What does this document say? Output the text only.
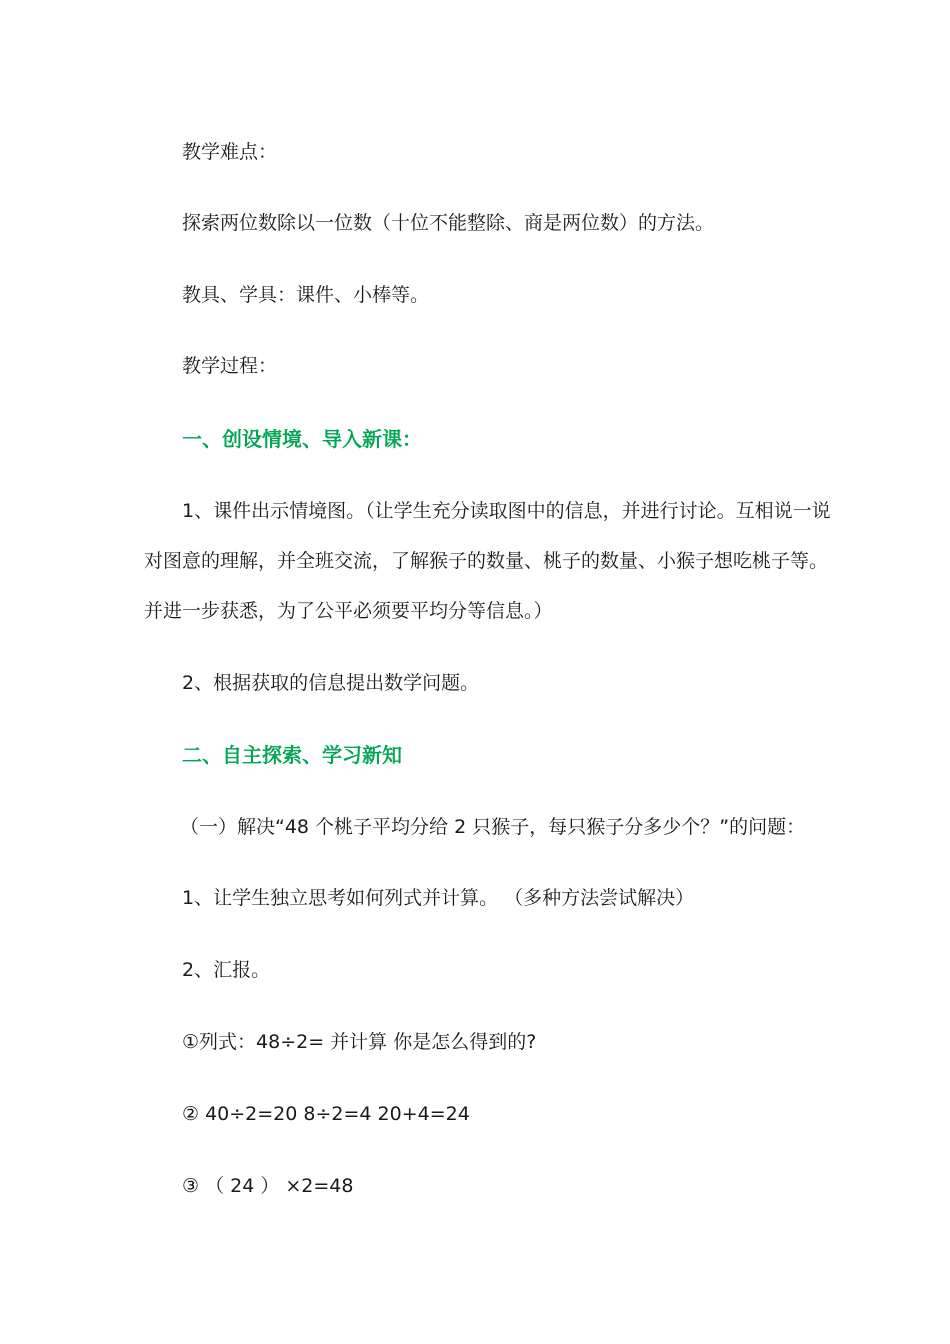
教学难点：
探索两位数除以一位数（十位不能整除、商是两位数）的方法。
教具、学具：课件、小棒等。
教学过程：
一、创设情境、导入新课：
1、课件出示情境图。（让学生充分读取图中的信息，并进行讨论。互相说一说
对图意的理解，并全班交流，了解猴子的数量、桃子的数量、小猴子想吃桃子等。
并进一步获悉，为了公平必须要平均分等信息。）
2、根据获取的信息提出数学问题。
二、自主探索、学习新知
（一）解决“48 个桃子平均分给 2 只猴子，每只猴子分多少个？”的问题：
1、让学生独立思考如何列式并计算。 （多种方法尝试解决）
2、汇报。
①列式：48÷2= 并计算 你是怎么得到的?
② 40÷2=20 8÷2=4 20+4=24
③ （ 24 ） ×2=48
